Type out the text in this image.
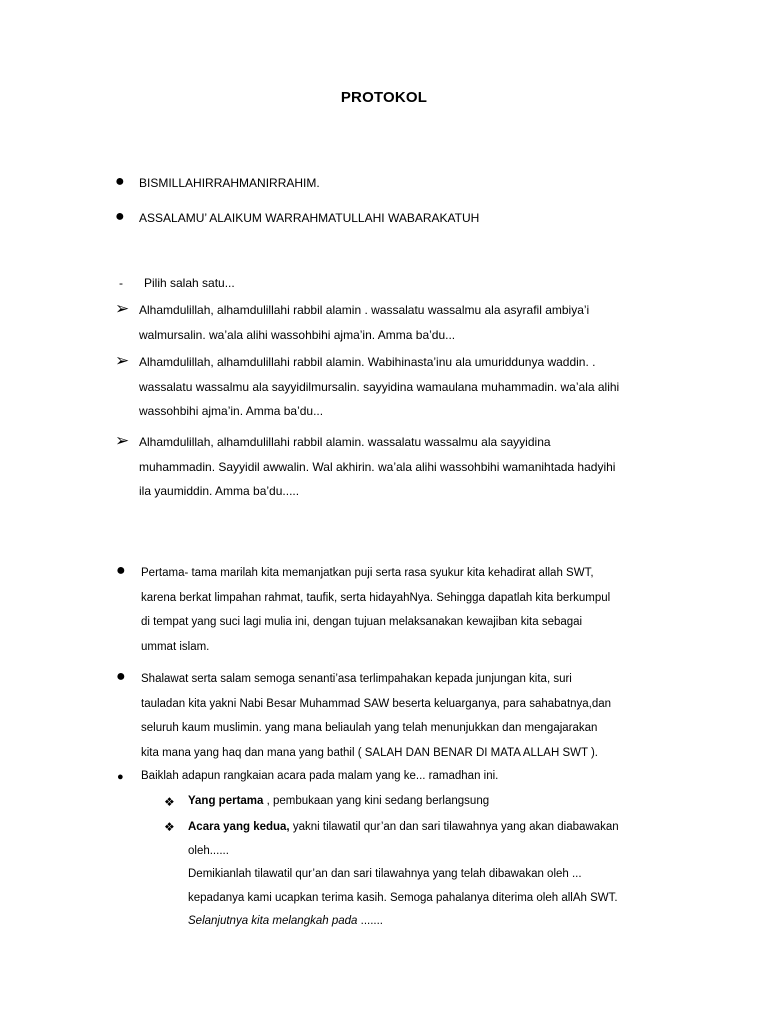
PROTOKOL
● BISMILLAHIRRAHMANIRRAHIM.
● ASSALAMU’ ALAIKUM WARRAHMATULLAHI WABARAKATUH
- Pilih salah satu...
➢ Alhamdulillah, alhamdulillahi rabbil alamin . wassalatu wassalmu ala asyrafil ambiya’i
walmursalin. wa’ala alihi wassohbihi ajma’in. Amma ba’du...
➢ Alhamdulillah, alhamdulillahi rabbil alamin. Wabihinasta’inu ala umuriddunya waddin. .
wassalatu wassalmu ala sayyidilmursalin. sayyidina wamaulana muhammadin. wa’ala alihi
wassohbihi ajma’in. Amma ba’du...
➢ Alhamdulillah, alhamdulillahi rabbil alamin. wassalatu wassalmu ala sayyidina
muhammadin. Sayyidil awwalin. Wal akhirin. wa’ala alihi wassohbihi wamanihtada hadyihi
ila yaumiddin. Amma ba’du.....
● Pertama- tama marilah kita memanjatkan puji serta rasa syukur kita kehadirat allah SWT,
karena berkat limpahan rahmat, taufik, serta hidayahNya. Sehingga dapatlah kita berkumpul
di tempat yang suci lagi mulia ini, dengan tujuan melaksanakan kewajiban kita sebagai
ummat islam.
● Shalawat serta salam semoga senanti’asa terlimpahakan kepada junjungan kita, suri
tauladan kita yakni Nabi Besar Muhammad SAW beserta keluarganya, para sahabatnya,dan
seluruh kaum muslimin. yang mana beliaulah yang telah menunjukkan dan mengajarakan
kita mana yang haq dan mana yang bathil ( SALAH DAN BENAR DI MATA ALLAH SWT ).
● Baiklah adapun rangkaian acara pada malam yang ke... ramadhan ini.
❖ Yang pertama , pembukaan yang kini sedang berlangsung
❖ Acara yang kedua, yakni tilawatil qur’an dan sari tilawahnya yang akan diabawakan
oleh......
Demikianlah tilawatil qur’an dan sari tilawahnya yang telah dibawakan oleh ...
kepadanya kami ucapkan terima kasih. Semoga pahalanya diterima oleh allAh SWT.
Selanjutnya kita melangkah pada .......
